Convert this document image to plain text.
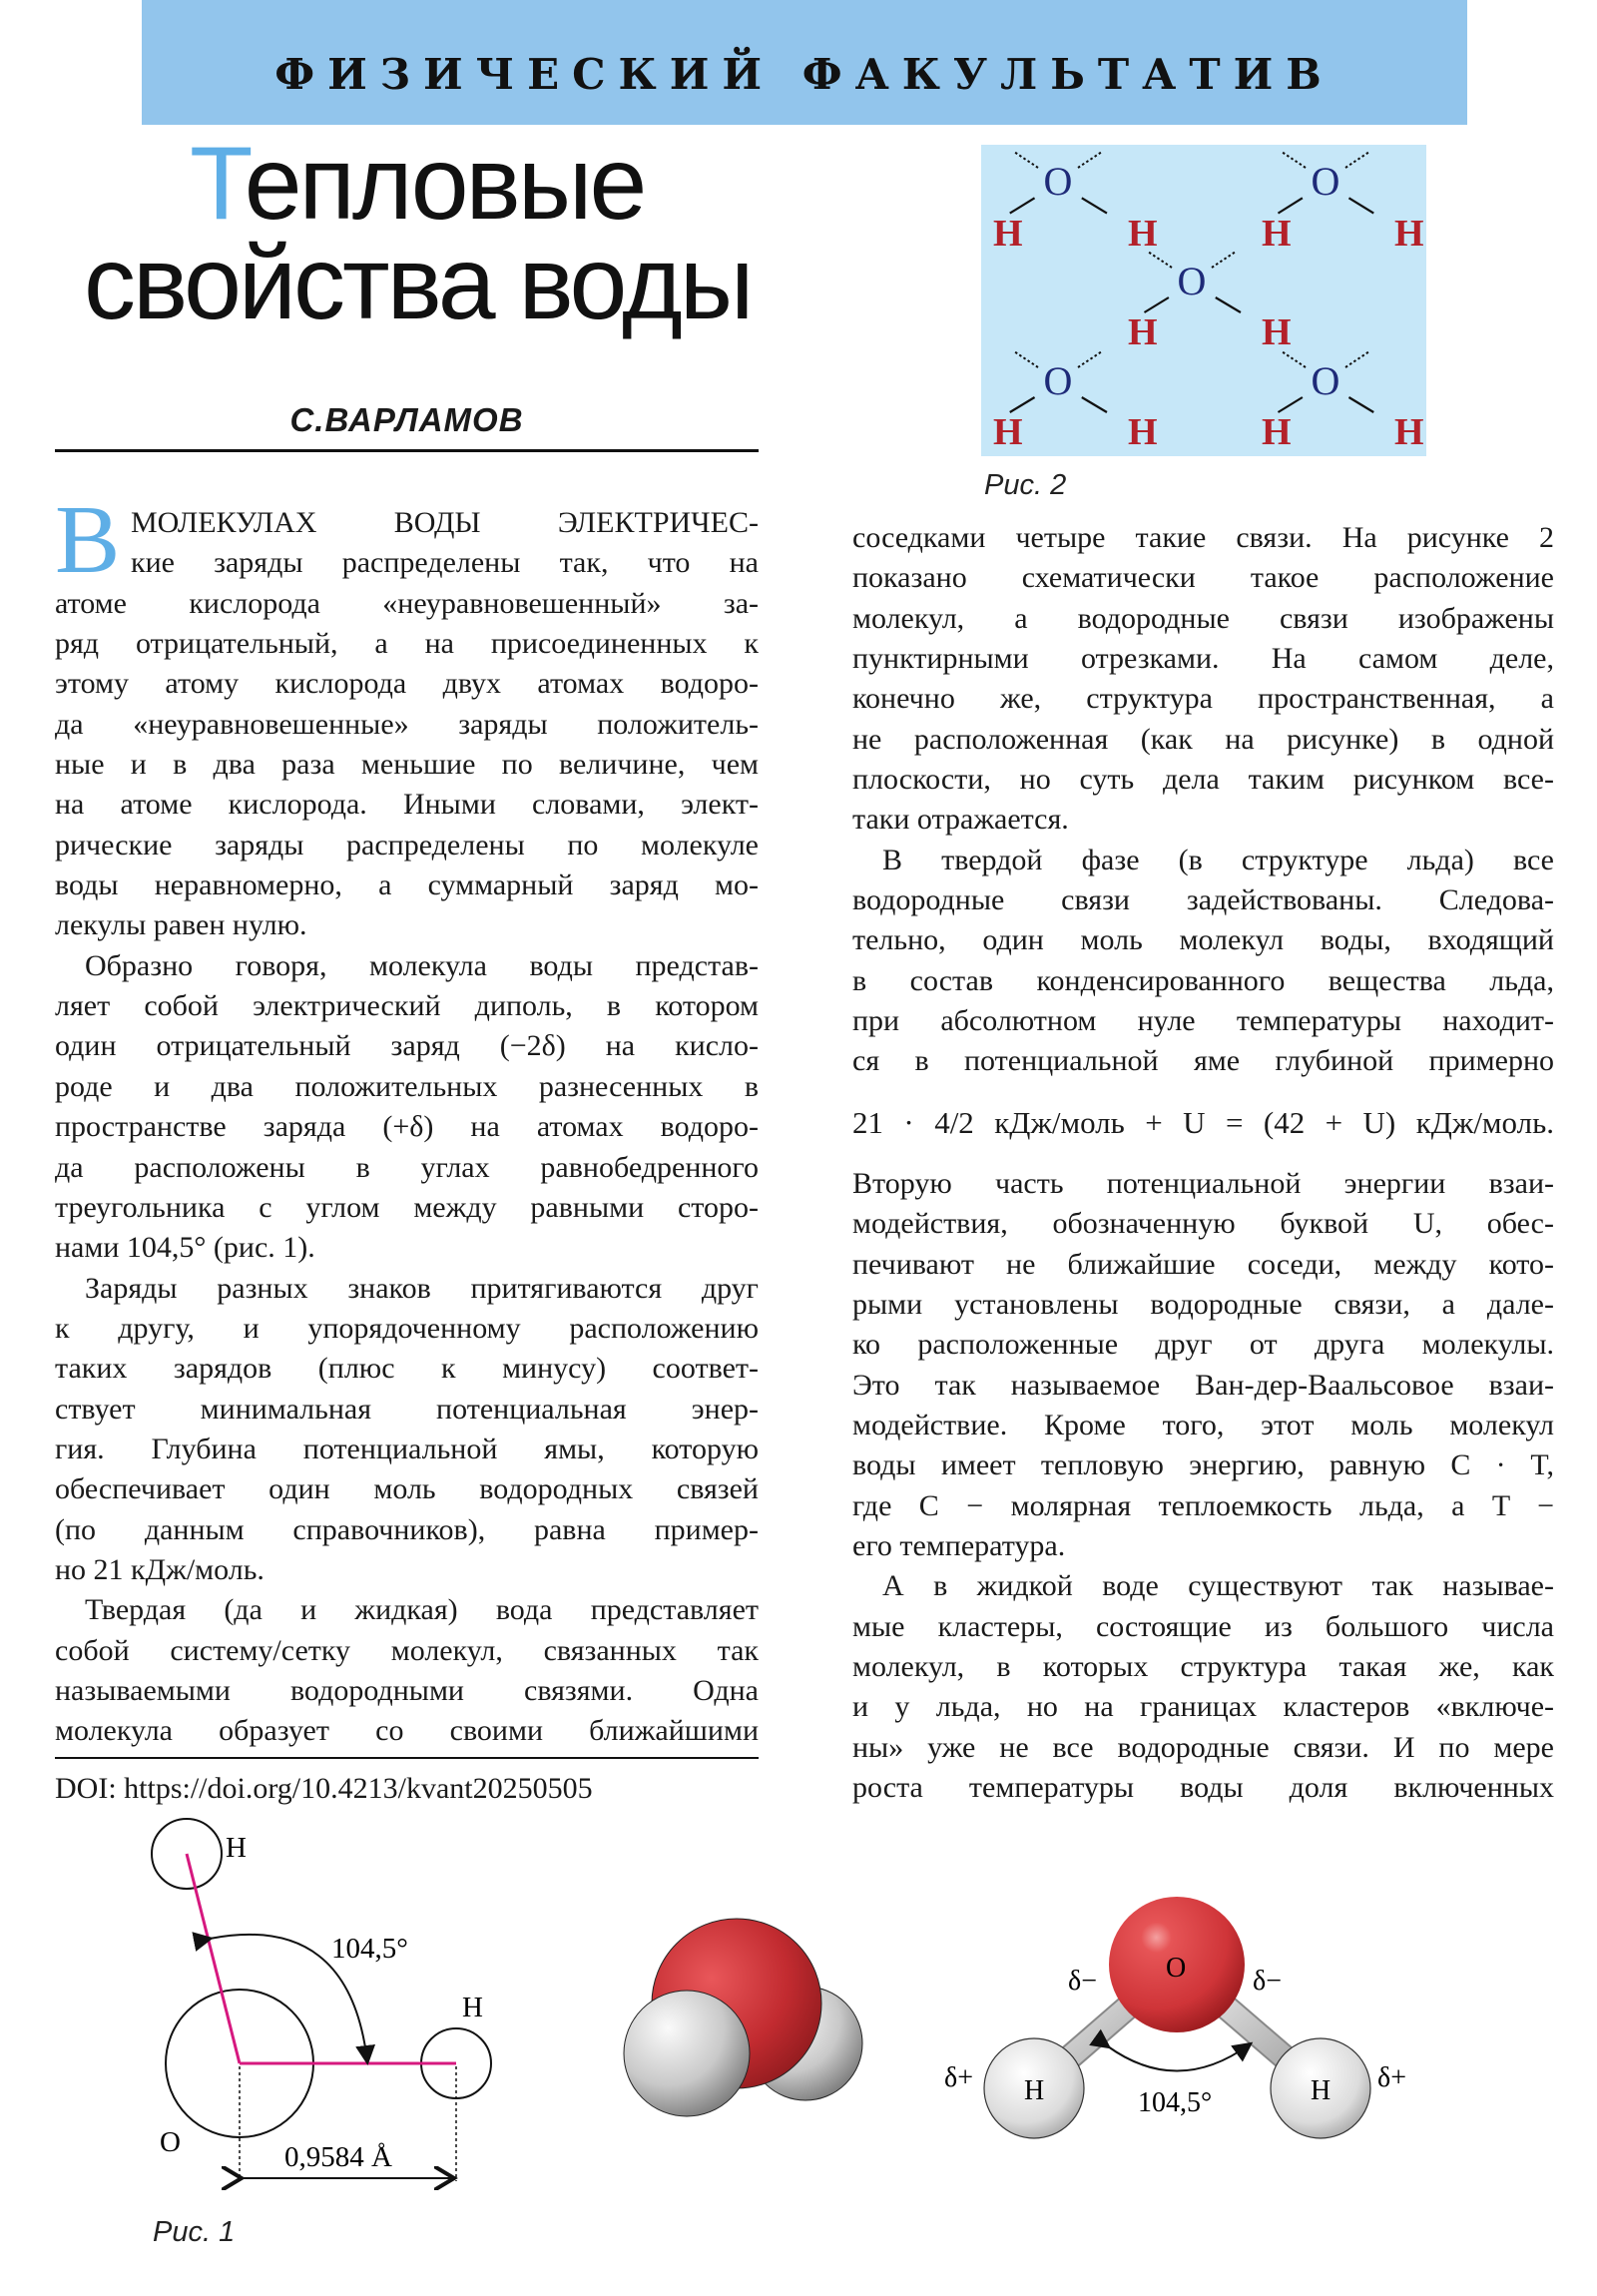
ФИЗИЧЕСКИЙ ФАКУЛЬТАТИВ
Тепловые
свойства воды
С.ВАРЛАМОВ
В МОЛЕКУЛАХ ВОДЫ ЭЛЕКТРИЧЕС-
кие заряды распределены так, что на
атоме кислорода «неуравновешенный» за-
ряд отрицательный, а на присоединенных к
этому атому кислорода двух атомах водоро-
да «неуравновешенные» заряды положитель-
ные и в два раза меньшие по величине, чем
на атоме кислорода. Иными словами, элект-
рические заряды распределены по молекуле
воды неравномерно, а суммарный заряд мо-
лекулы равен нулю.
Образно говоря, молекула воды представ-
ляет собой электрический диполь, в котором
один отрицательный заряд (−2δ) на кисло-
роде и два положительных разнесенных в
пространстве заряда (+δ) на атомах водоро-
да расположены в углах равнобедренного
треугольника с углом между равными сторо-
нами 104,5° (рис. 1).
Заряды разных знаков притягиваются друг
к другу, и упорядоченному расположению
таких зарядов (плюс к минусу) соответ-
ствует минимальная потенциальная энер-
гия. Глубина потенциальной ямы, которую
обеспечивает один моль водородных связей
(по данным справочников), равна пример-
но 21 кДж/моль.
Твердая (да и жидкая) вода представляет
собой систему/сетку молекул, связанных так
называемыми водородными связями. Одна
молекула образует со своими ближайшими
DOI: https://doi.org/10.4213/kvant20250505
соседками четыре такие связи. На рисунке 2
показано схематически такое расположение
молекул, а водородные связи изображены
пунктирными отрезками. На самом деле,
конечно же, структура пространственная, а
не расположенная (как на рисунке) в одной
плоскости, но суть дела таким рисунком все-
таки отражается.
В твердой фазе (в структуре льда) все
водородные связи задействованы. Следова-
тельно, один моль молекул воды, входящий
в состав конденсированного вещества льда,
при абсолютном нуле температуры находит-
ся в потенциальной яме глубиной примерно
21 · 4/2 кДж/моль + U = (42 + U) кДж/моль.
Вторую часть потенциальной энергии взаи-
модействия, обозначенную буквой U, обес-
печивают не ближайшие соседи, между кото-
рыми установлены водородные связи, а дале-
ко расположенные друг от друга молекулы.
Это так называемое Ван-дер-Ваальсовое взаи-
модействие. Кроме того, этот моль молекул
воды имеет тепловую энергию, равную C · T,
где C − молярная теплоемкость льда, а T −
его температура.
А в жидкой воде существуют так называе-
мые кластеры, состоящие из большого числа
молекул, в которых структура такая же, как
и у льда, но на границах кластеров «включе-
ны» уже не все водородные связи. И по мере
роста температуры воды доля включенных
O	O
O
O	O
H	H	H	H
H	H
H	H	H	H
Рис. 2
H
H
O
104,5°
0,9584 Å
Рис. 1
O
H	H
δ−	δ−
δ+	δ+
104,5°
